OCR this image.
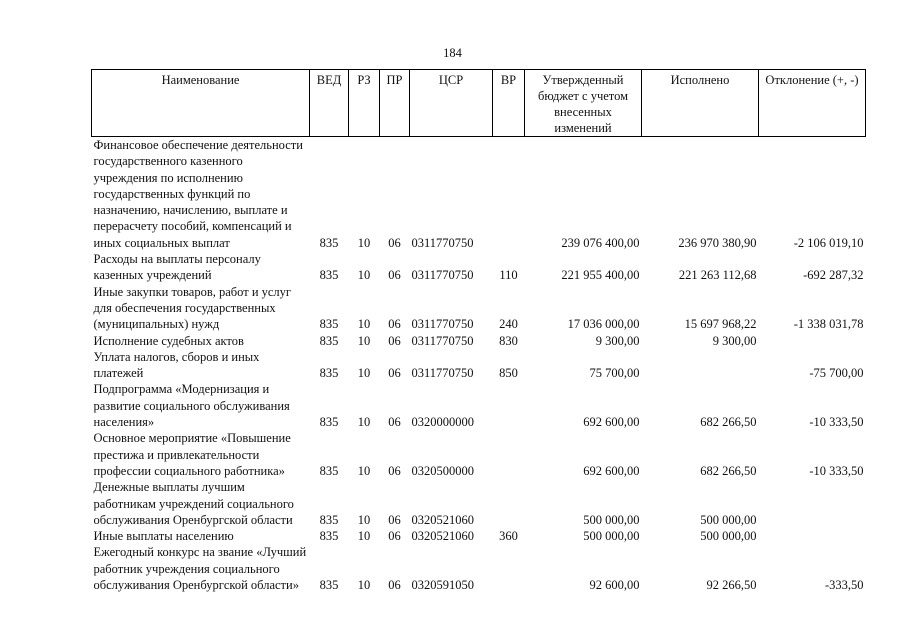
184
Наименование	ВЕД	РЗ	ПР	ЦСР	ВР	Утвержденный бюджет с учетом внесенных изменений	Исполнено	Отклонение (+, -)
Финансовое обеспечение деятельности государственного казенного учреждения по исполнению государственных функций по назначению, начислению, выплате и перерасчету пособий, компенсаций и иных социальных выплат	835	10	06	0311770750		239 076 400,00	236 970 380,90	-2 106 019,10
Расходы на выплаты персоналу казенных учреждений	835	10	06	0311770750	110	221 955 400,00	221 263 112,68	-692 287,32
Иные закупки товаров, работ и услуг для обеспечения государственных (муниципальных) нужд	835	10	06	0311770750	240	17 036 000,00	15 697 968,22	-1 338 031,78
Исполнение судебных актов	835	10	06	0311770750	830	9 300,00	9 300,00	
Уплата налогов, сборов и иных платежей	835	10	06	0311770750	850	75 700,00		-75 700,00
Подпрограмма «Модернизация и развитие социального обслуживания населения»	835	10	06	0320000000		692 600,00	682 266,50	-10 333,50
Основное мероприятие «Повышение престижа и привлекательности профессии социального работника»	835	10	06	0320500000		692 600,00	682 266,50	-10 333,50
Денежные выплаты лучшим работникам учреждений социального обслуживания Оренбургской области	835	10	06	0320521060		500 000,00	500 000,00	
Иные выплаты населению	835	10	06	0320521060	360	500 000,00	500 000,00	
Ежегодный конкурс на звание «Лучший работник учреждения социального обслуживания Оренбургской области»	835	10	06	0320591050		92 600,00	92 266,50	-333,50
